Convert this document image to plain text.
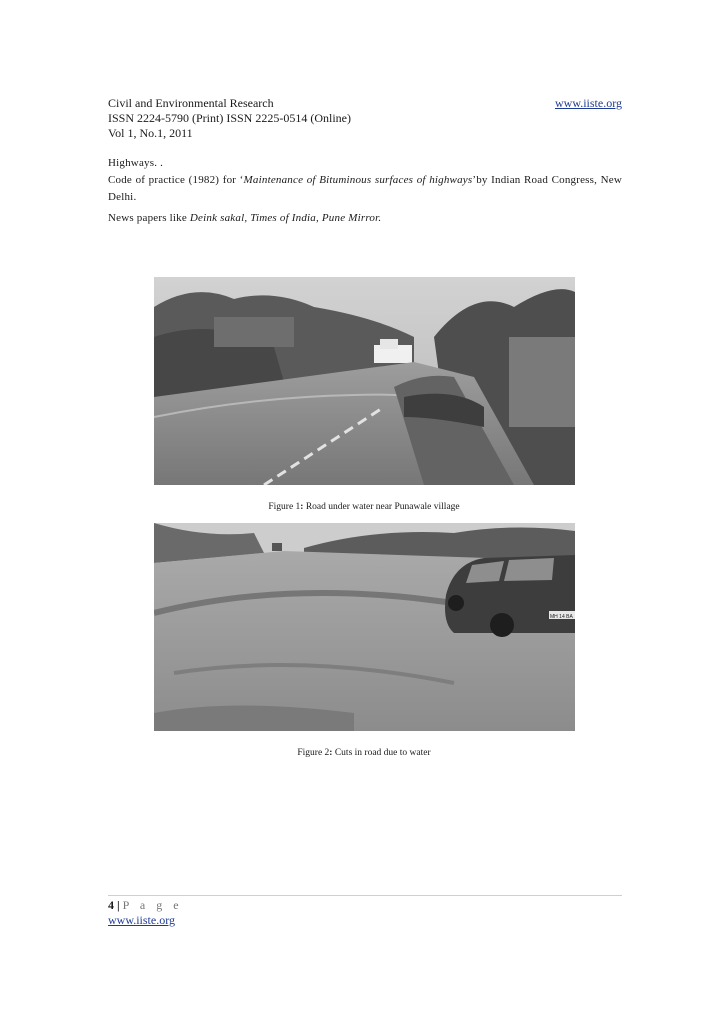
Civil and Environmental Research	www.iiste.org
ISSN 2224-5790 (Print) ISSN 2225-0514 (Online)
Vol 1, No.1, 2011

Highways. .

Code of practice (1982) for ‘Maintenance of Bituminous surfaces of highways’by Indian Road Congress, New Delhi.

News papers like Deink sakal, Times of India, Pune Mirror.

Figure 1: Road under water near Punawale village
MH 14 BA
Figure 2: Cuts in road due to water
4 | P a g e
www.iiste.org
